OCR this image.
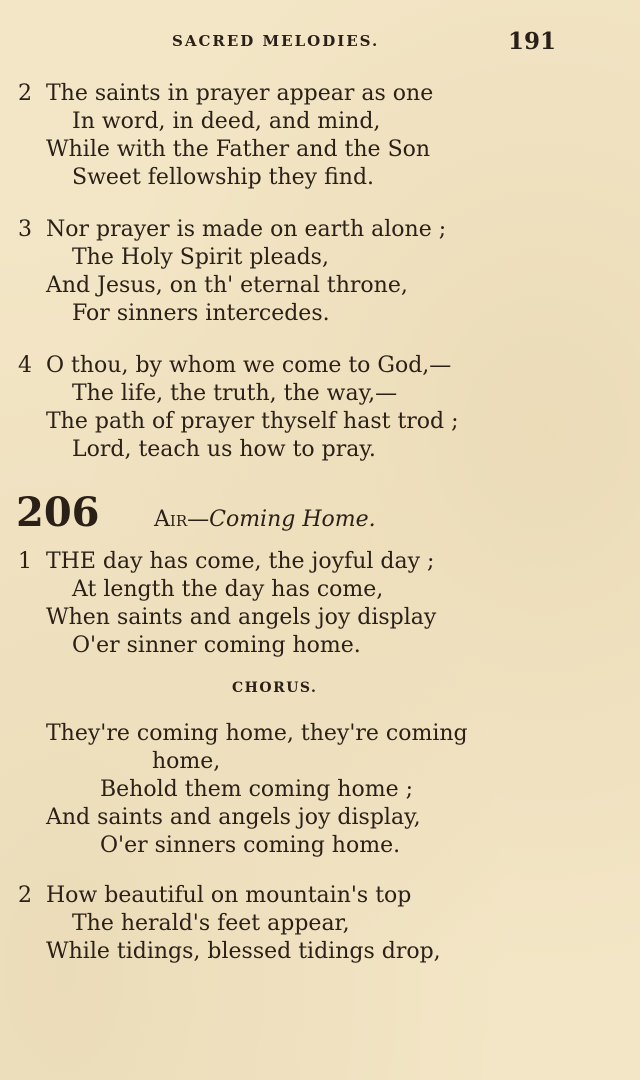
SACRED MELODIES.	191
2 The saints in prayer appear as one
In word, in deed, and mind,
While with the Father and the Son
Sweet fellowship they find.
3 Nor prayer is made on earth alone ;
The Holy Spirit pleads,
And Jesus, on th' eternal throne,
For sinners intercedes.
4 O thou, by whom we come to God,—
The life, the truth, the way,—
The path of prayer thyself hast trod ;
Lord, teach us how to pray.
206 Air—Coming Home.
1 THE day has come, the joyful day ;
At length the day has come,
When saints and angels joy display
O'er sinner coming home.
CHORUS.
They're coming home, they're coming
home,
Behold them coming home ;
And saints and angels joy display,
O'er sinners coming home.
2 How beautiful on mountain's top
The herald's feet appear,
While tidings, blessed tidings drop,
